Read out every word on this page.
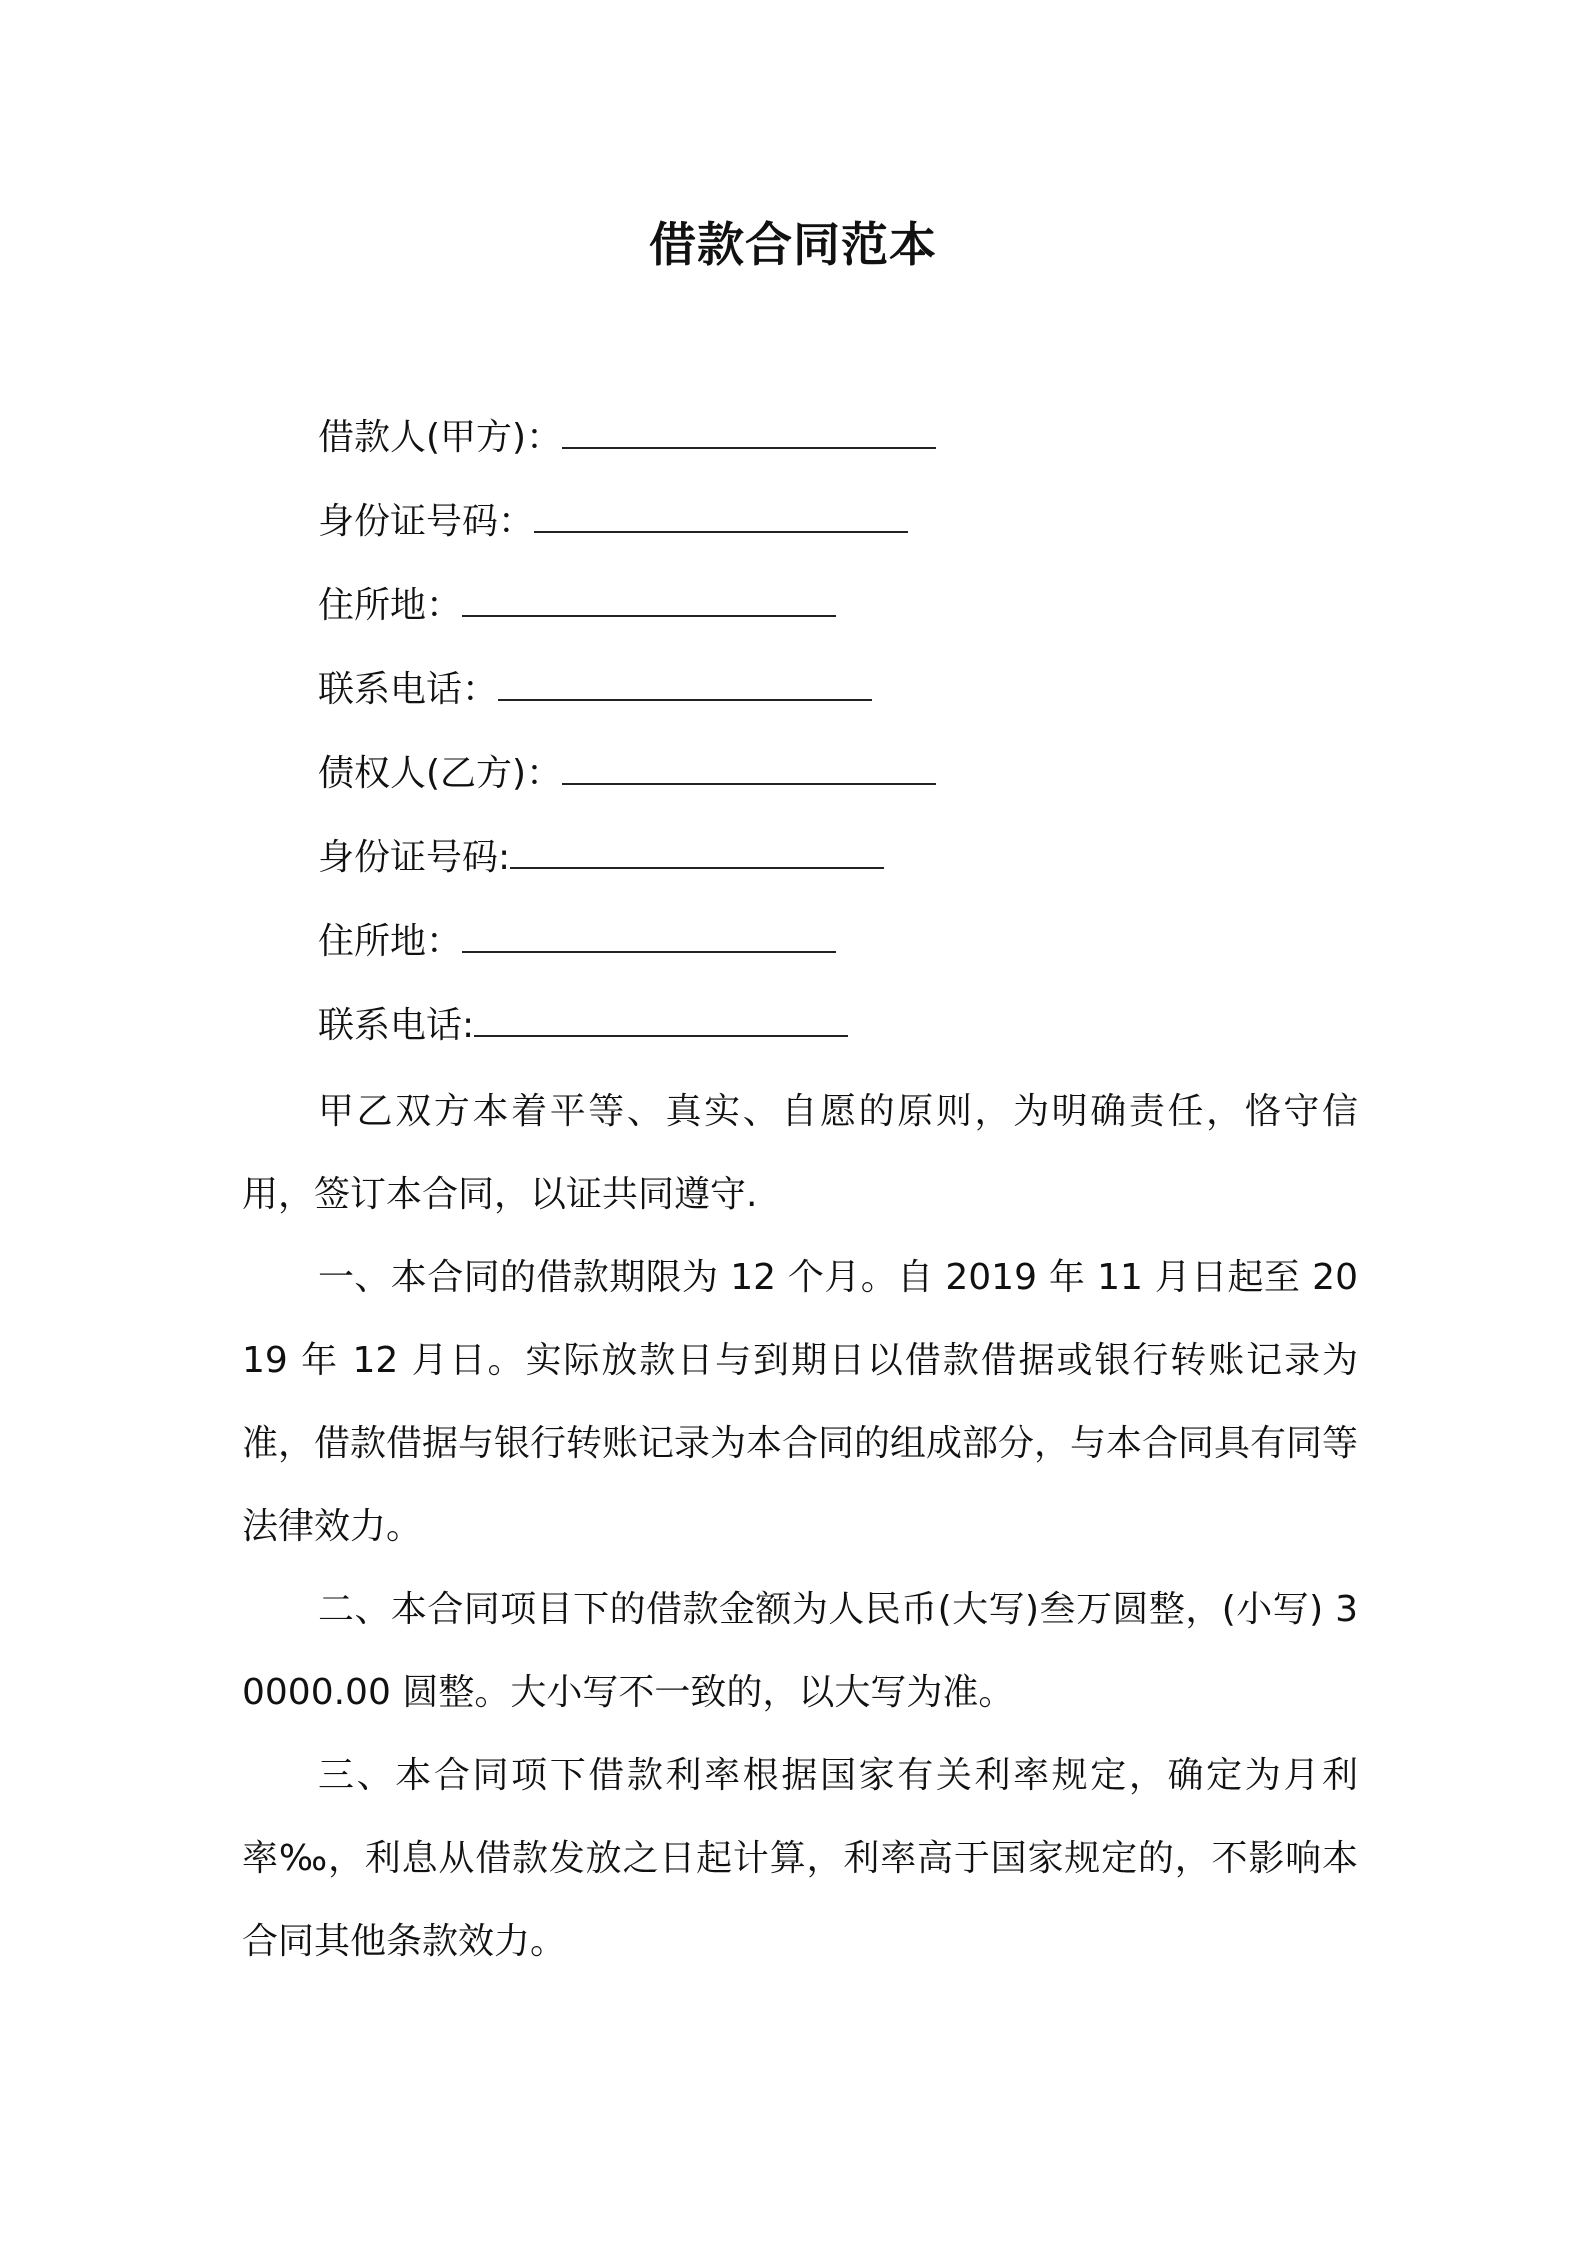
借款合同范本
借款人(甲方)：
身份证号码：
住所地：
联系电话：
债权人(乙方)：
身份证号码:
住所地：
联系电话:

甲乙双方本着平等、真实、自愿的原则，为明确责任，恪守信用，签订本合同，以证共同遵守.

一、本合同的借款期限为 12 个月。自 2019 年 11 月日起至 2019 年 12 月日。实际放款日与到期日以借款借据或银行转账记录为准，借款借据与银行转账记录为本合同的组成部分，与本合同具有同等法律效力。

二、本合同项目下的借款金额为人民币(大写)叁万圆整，(小写) 30000.00 圆整。大小写不一致的，以大写为准。

三、本合同项下借款利率根据国家有关利率规定，确定为月利率‰，利息从借款发放之日起计算，利率高于国家规定的，不影响本合同其他条款效力。
